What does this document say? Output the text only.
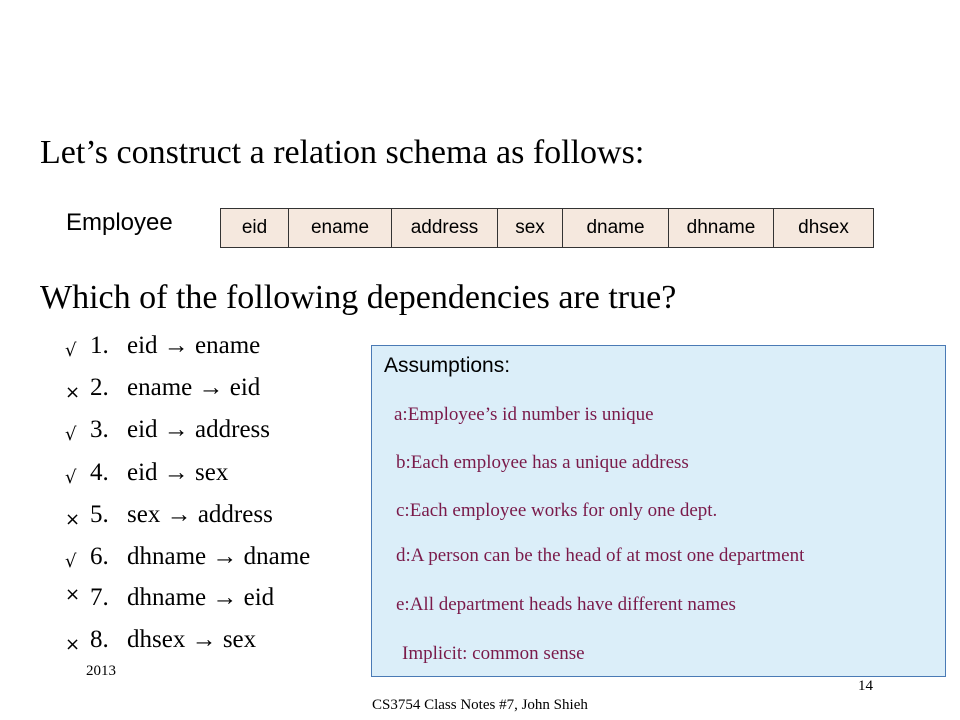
Let’s construct a relation schema as follows:
Employee	eid	ename	address	sex	dname	dhname	dhsex
Which of the following dependencies are true?
√ 1. eid → ename
× 2. ename → eid
√ 3. eid → address
√ 4. eid → sex
× 5. sex → address
√ 6. dhname → dname
× 7. dhname → eid
× 8. dhsex → sex
Assumptions:
a:Employee’s id number is unique
b:Each employee has a unique address
c:Each employee works for only one dept.
d:A person can be the head of at most one department
e:All department heads have different names
Implicit: common sense
2013
14
CS3754 Class Notes #7, John Shieh
